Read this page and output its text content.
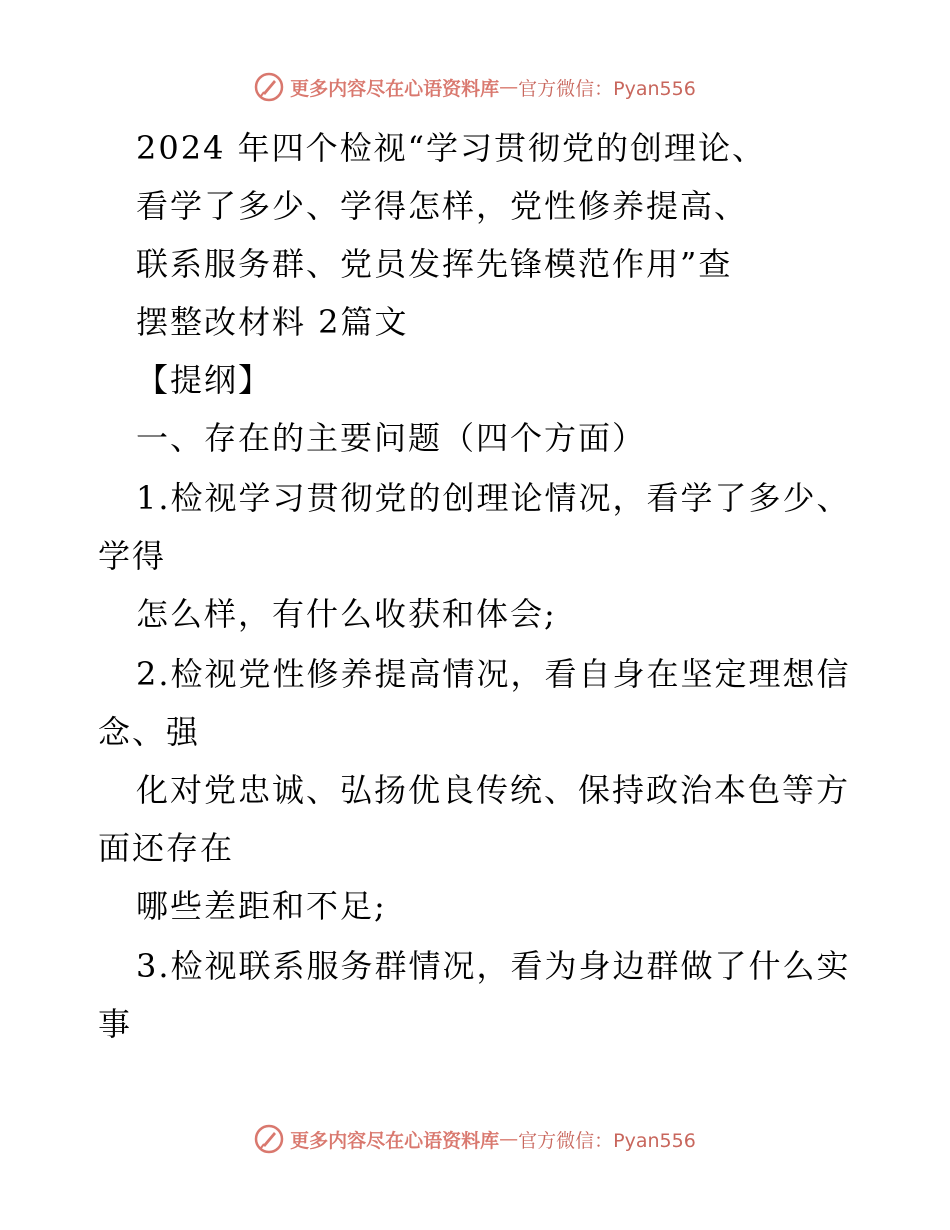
更多内容尽在心语资料库 — 官方微信：Pyan556
2024 年四个检视“学习贯彻党的创理论、
看学了多少、学得怎样，党性修养提高、
联系服务群、党员发挥先锋模范作用”查
摆整改材料 2篇文
【提纲】
一、存在的主要问题（四个方面）
1.检视学习贯彻党的创理论情况，看学了多少、
学得
怎么样，有什么收获和体会;
2.检视党性修养提高情况，看自身在坚定理想信
念、强
化对党忠诚、弘扬优良传统、保持政治本色等方
面还存在
哪些差距和不足;
3.检视联系服务群情况，看为身边群做了什么实
事
更多内容尽在心语资料库 — 官方微信：Pyan556
